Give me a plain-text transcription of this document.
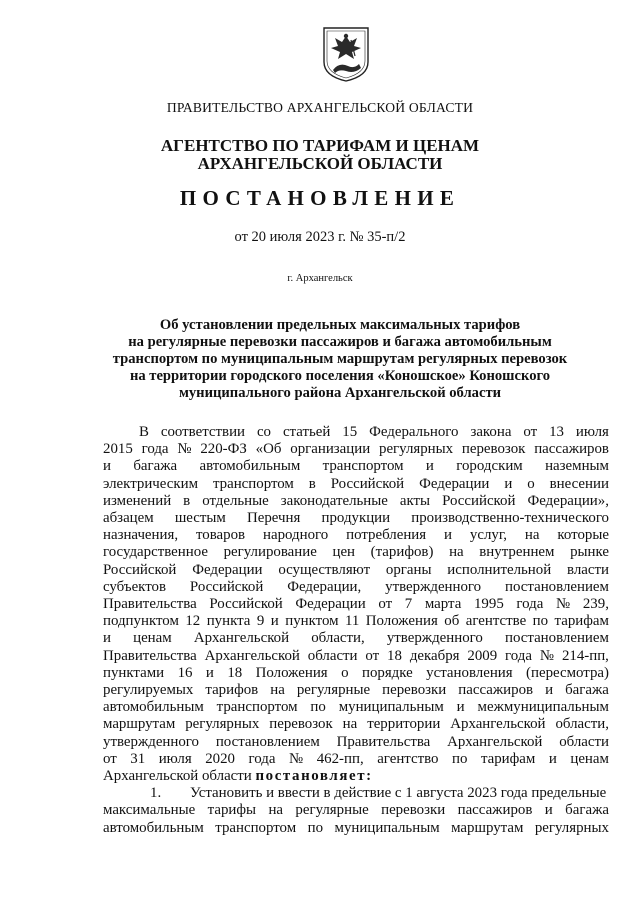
ПРАВИТЕЛЬСТВО АРХАНГЕЛЬСКОЙ ОБЛАСТИ
АГЕНТСТВО ПО ТАРИФАМ И ЦЕНАМ
АРХАНГЕЛЬСКОЙ ОБЛАСТИ
ПОСТАНОВЛЕНИЕ
от 20 июля 2023 г. № 35-п/2
г. Архангельск
Об установлении предельных максимальных тарифов
на регулярные перевозки пассажиров и багажа автомобильным
транспортом по муниципальным маршрутам регулярных перевозок
на территории городского поселения «Коношское» Коношского
муниципального района Архангельской области
В соответствии со статьей 15 Федерального закона от 13 июля
2015 года № 220-ФЗ «Об организации регулярных перевозок пассажиров
и багажа автомобильным транспортом и городским наземным
электрическим транспортом в Российской Федерации и о внесении
изменений в отдельные законодательные акты Российской Федерации»,
абзацем шестым Перечня продукции производственно-технического
назначения, товаров народного потребления и услуг, на которые
государственное регулирование цен (тарифов) на внутреннем рынке
Российской Федерации осуществляют органы исполнительной власти
субъектов Российской Федерации, утвержденного постановлением
Правительства Российской Федерации от 7 марта 1995 года № 239,
подпунктом 12 пункта 9 и пунктом 11 Положения об агентстве по тарифам
и ценам Архангельской области, утвержденного постановлением
Правительства Архангельской области от 18 декабря 2009 года № 214-пп,
пунктами 16 и 18 Положения о порядке установления (пересмотра)
регулируемых тарифов на регулярные перевозки пассажиров и багажа
автомобильным транспортом по муниципальным и межмуниципальным
маршрутам регулярных перевозок на территории Архангельской области,
утвержденного постановлением Правительства Архангельской области
от 31 июля 2020 года № 462-пп, агентство по тарифам и ценам
Архангельской области постановляет:
1.	Установить и ввести в действие с 1 августа 2023 года предельные
максимальные тарифы на регулярные перевозки пассажиров и багажа
автомобильным транспортом по муниципальным маршрутам регулярных
